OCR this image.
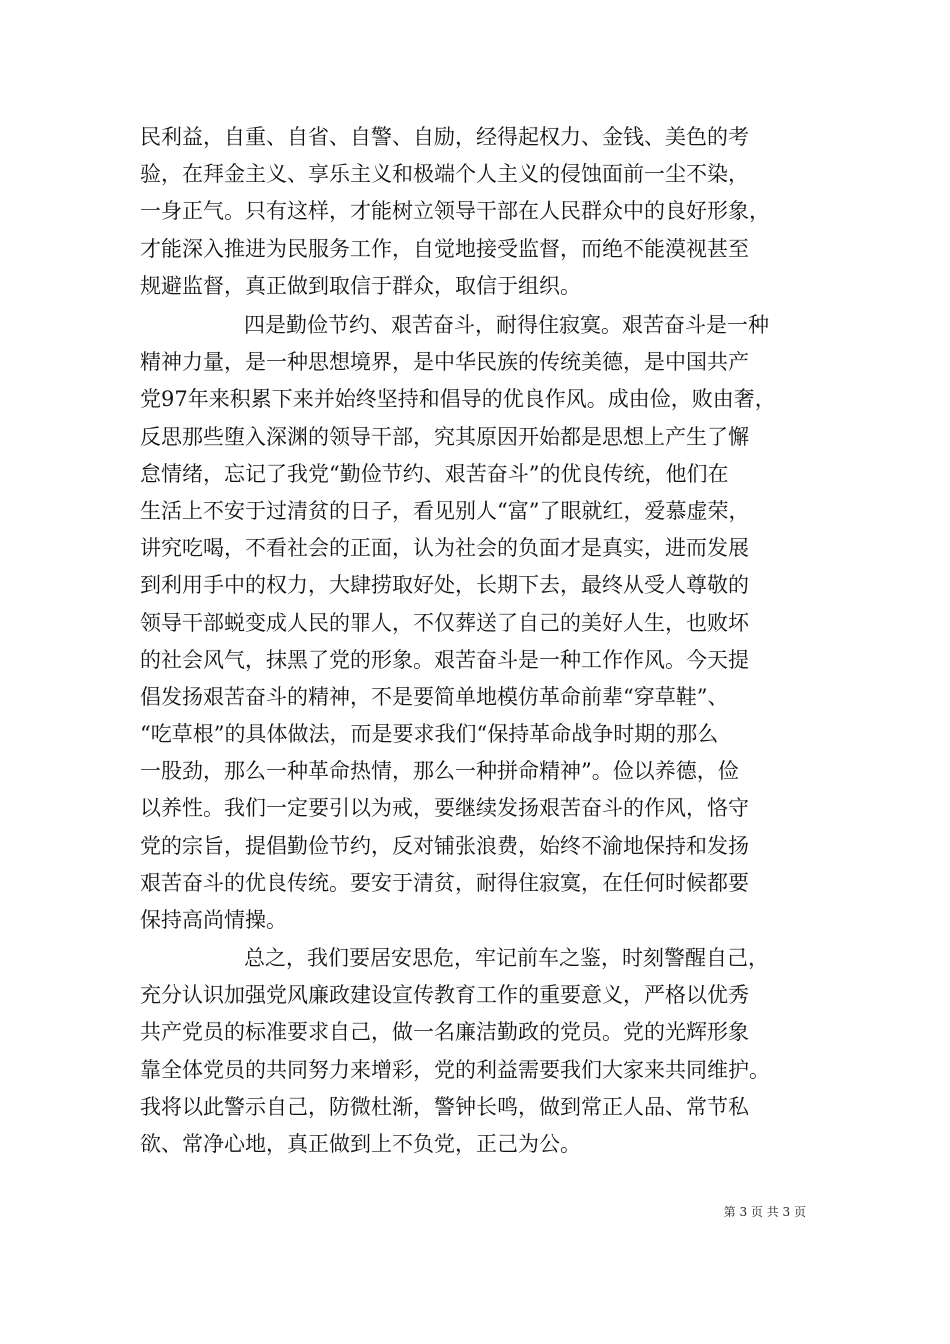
民利益，自重、自省、自警、自励，经得起权力、金钱、美色的考
验，在拜金主义、享乐主义和极端个人主义的侵蚀面前一尘不染，
一身正气。只有这样，才能树立领导干部在人民群众中的良好形象，
才能深入推进为民服务工作，自觉地接受监督，而绝不能漠视甚至
规避监督，真正做到取信于群众，取信于组织。
四是勤俭节约、艰苦奋斗，耐得住寂寞。艰苦奋斗是一种
精神力量，是一种思想境界，是中华民族的传统美德，是中国共产
党97年来积累下来并始终坚持和倡导的优良作风。成由俭，败由奢，
反思那些堕入深渊的领导干部，究其原因开始都是思想上产生了懈
怠情绪，忘记了我党“勤俭节约、艰苦奋斗”的优良传统，他们在
生活上不安于过清贫的日子，看见别人“富”了眼就红，爱慕虚荣，
讲究吃喝，不看社会的正面，认为社会的负面才是真实，进而发展
到利用手中的权力，大肆捞取好处，长期下去，最终从受人尊敬的
领导干部蜕变成人民的罪人，不仅葬送了自己的美好人生，也败坏
的社会风气，抹黑了党的形象。艰苦奋斗是一种工作作风。今天提
倡发扬艰苦奋斗的精神，不是要简单地模仿革命前辈“穿草鞋”、
“吃草根”的具体做法，而是要求我们“保持革命战争时期的那么
一股劲，那么一种革命热情，那么一种拼命精神”。俭以养德，俭
以养性。我们一定要引以为戒，要继续发扬艰苦奋斗的作风，恪守
党的宗旨，提倡勤俭节约，反对铺张浪费，始终不渝地保持和发扬
艰苦奋斗的优良传统。要安于清贫，耐得住寂寞，在任何时候都要
保持高尚情操。
总之，我们要居安思危，牢记前车之鉴，时刻警醒自己，
充分认识加强党风廉政建设宣传教育工作的重要意义，严格以优秀
共产党员的标准要求自己，做一名廉洁勤政的党员。党的光辉形象
靠全体党员的共同努力来增彩，党的利益需要我们大家来共同维护。
我将以此警示自己，防微杜渐，警钟长鸣，做到常正人品、常节私
欲、常净心地，真正做到上不负党，正己为公。
第 3 页 共 3 页
